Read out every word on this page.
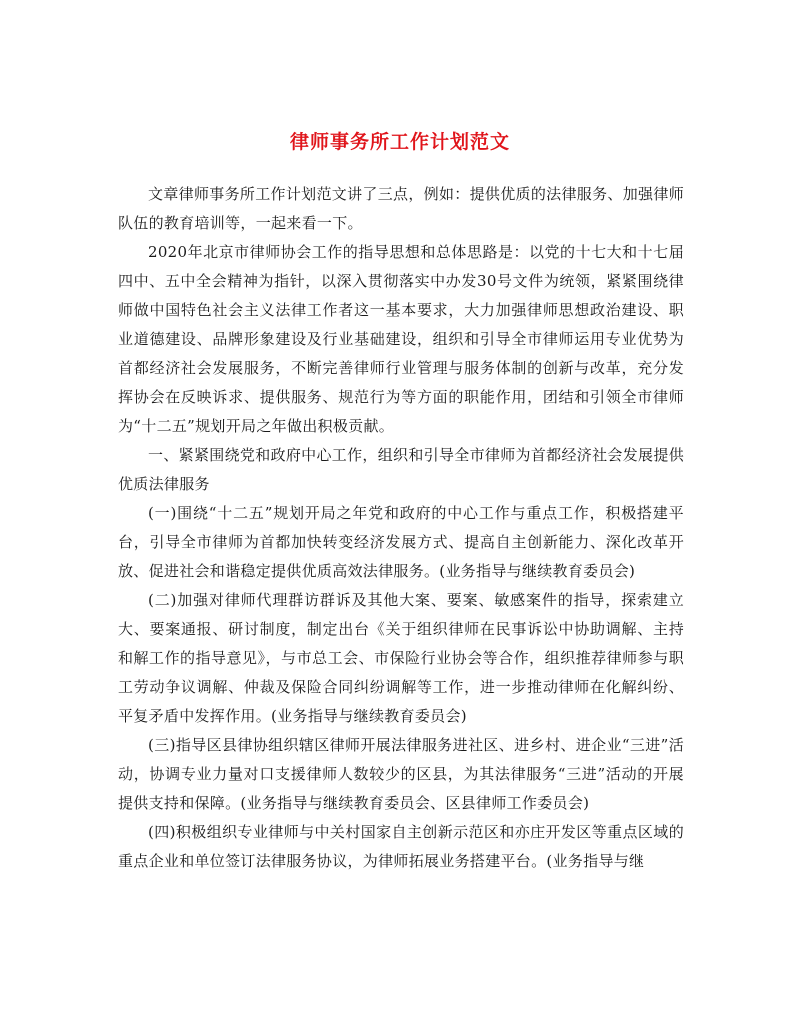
律师事务所工作计划范文

文章律师事务所工作计划范文讲了三点，例如：提供优质的法律服务、加强律师队伍的教育培训等，一起来看一下。

2020年北京市律师协会工作的指导思想和总体思路是：以党的十七大和十七届四中、五中全会精神为指针，以深入贯彻落实中办发30号文件为统领，紧紧围绕律师做中国特色社会主义法律工作者这一基本要求，大力加强律师思想政治建设、职业道德建设、品牌形象建设及行业基础建设，组织和引导全市律师运用专业优势为首都经济社会发展服务，不断完善律师行业管理与服务体制的创新与改革，充分发挥协会在反映诉求、提供服务、规范行为等方面的职能作用，团结和引领全市律师为“十二五”规划开局之年做出积极贡献。

一、紧紧围绕党和政府中心工作，组织和引导全市律师为首都经济社会发展提供优质法律服务

(一)围绕“十二五”规划开局之年党和政府的中心工作与重点工作，积极搭建平台，引导全市律师为首都加快转变经济发展方式、提高自主创新能力、深化改革开放、促进社会和谐稳定提供优质高效法律服务。(业务指导与继续教育委员会)

(二)加强对律师代理群访群诉及其他大案、要案、敏感案件的指导，探索建立大、要案通报、研讨制度，制定出台《关于组织律师在民事诉讼中协助调解、主持和解工作的指导意见》，与市总工会、市保险行业协会等合作，组织推荐律师参与职工劳动争议调解、仲裁及保险合同纠纷调解等工作，进一步推动律师在化解纠纷、平复矛盾中发挥作用。(业务指导与继续教育委员会)

(三)指导区县律协组织辖区律师开展法律服务进社区、进乡村、进企业“三进”活动，协调专业力量对口支援律师人数较少的区县，为其法律服务“三进”活动的开展提供支持和保障。(业务指导与继续教育委员会、区县律师工作委员会)

(四)积极组织专业律师与中关村国家自主创新示范区和亦庄开发区等重点区域的重点企业和单位签订法律服务协议，为律师拓展业务搭建平台。(业务指导与继
